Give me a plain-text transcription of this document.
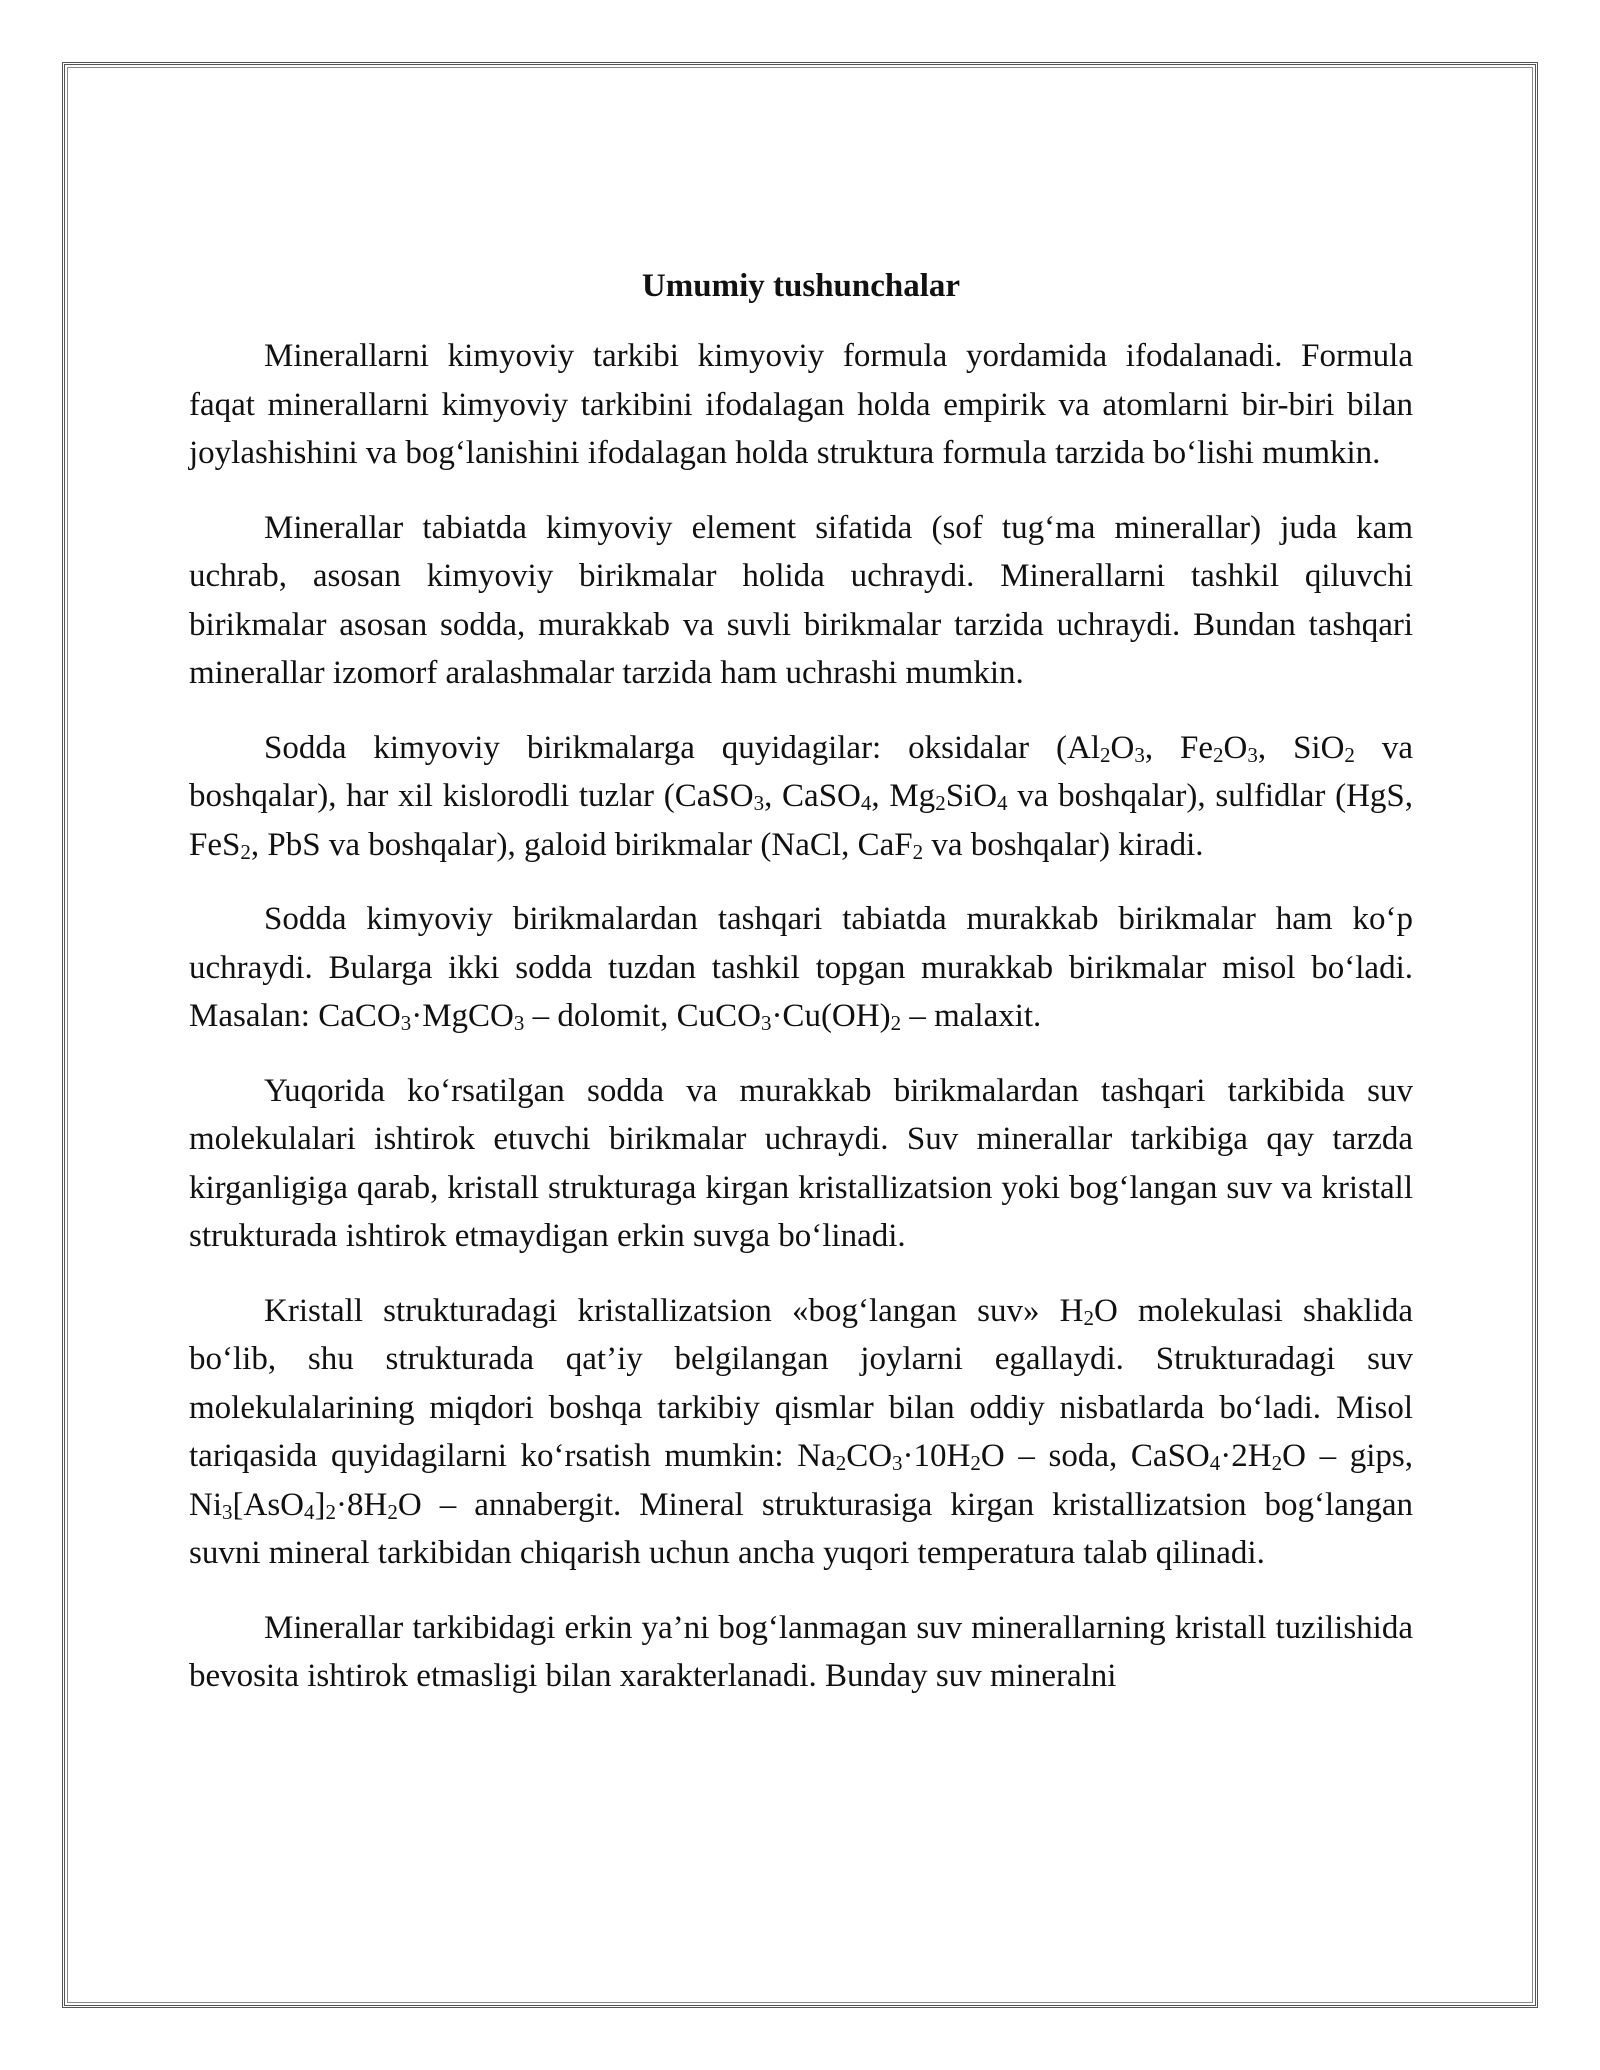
Umumiy tushunchalar

Minerallarni kimyoviy tarkibi kimyoviy formula yordamida ifodalanadi. Formula faqat minerallarni kimyoviy tarkibini ifodalagan holda empirik va atomlarni bir-biri bilan joylashishini va bog‘lanishini ifodalagan holda struktura formula tarzida bo‘lishi mumkin.

Minerallar tabiatda kimyoviy element sifatida (sof tug‘ma minerallar) juda kam uchrab, asosan kimyoviy birikmalar holida uchraydi. Minerallarni tashkil qiluvchi birikmalar asosan sodda, murakkab va suvli birikmalar tarzida uchraydi. Bundan tashqari minerallar izomorf aralashmalar tarzida ham uchrashi mumkin.

Sodda kimyoviy birikmalarga quyidagilar: oksidalar ($Al_2O_3$, $Fe_2O_3$, SiO$_2$ va boshqalar), har xil kislorodli tuzlar (CaSO$_3$, CaSO$_4$, $Mg_2SiO_4$ va boshqalar), sulfidlar (HgS, FeS$_2$, PbS va boshqalar), galoid birikmalar (NaCl, CaF$_2$ va boshqalar) kiradi.

Sodda kimyoviy birikmalardan tashqari tabiatda murakkab birikmalar ham ko‘p uchraydi. Bularga ikki sodda tuzdan tashkil topgan murakkab birikmalar misol bo‘ladi. Masalan: CaCO$_3$·MgCO$_3$ – dolomit, $CuCO_3\cdot Cu(OH)_2$ – malaxit.

Yuqorida ko‘rsatilgan sodda va murakkab birikmalardan tashqari tarkibida suv molekulalari ishtirok etuvchi birikmalar uchraydi. Suv minerallar tarkibiga qay tarzda kirganligiga qarab, kristall strukturaga kirgan kristallizatsion yoki bog‘langan suv va kristall strukturada ishtirok etmaydigan erkin suvga bo‘linadi.

Kristall strukturadagi kristallizatsion «bog‘langan suv» $H_2O$ molekulasi shaklida bo‘lib, shu strukturada qat’iy belgilangan joylarni egallaydi. Strukturadagi suv molekulalarining miqdori boshqa tarkibiy qismlar bilan oddiy nisbatlarda bo‘ladi. Misol tariqasida quyidagilarni ko‘rsatish mumkin: $Na_2CO_3\cdot 10H_2O$ – soda, $CaSO_4\cdot 2H_2O$ – gips, $Ni_3[AsO_4]_2\cdot 8H_2O$ – annabergit. Mineral strukturasiga kirgan kristallizatsion bog‘langan suvni mineral tarkibidan chiqarish uchun ancha yuqori temperatura talab qilinadi.

Minerallar tarkibidagi erkin ya’ni bog‘lanmagan suv minerallarning kristall tuzilishida bevosita ishtirok etmasligi bilan xarakterlanadi. Bunday suv mineralni
